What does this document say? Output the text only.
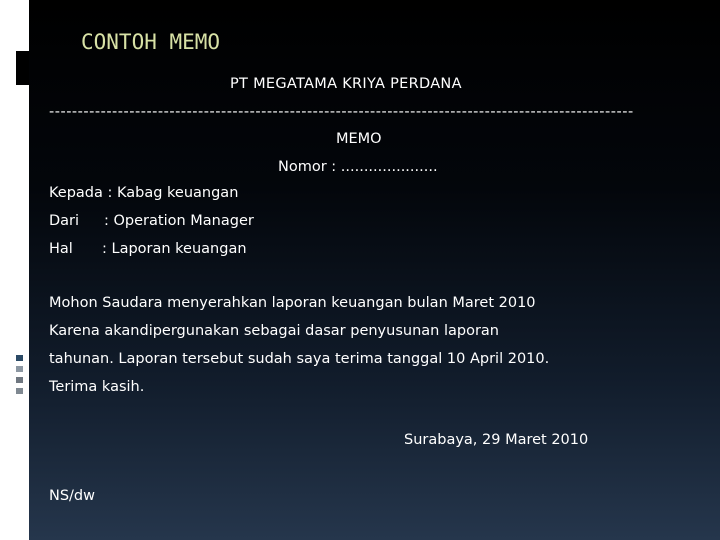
CONTOH MEMO
PT MEGATAMA KRIYA PERDANA
------------------------------------------------------------------------------------------------------
MEMO
Nomor : .....................
Kepada : Kabag keuangan
Dari : Operation Manager
Hal : Laporan keuangan
Mohon Saudara menyerahkan laporan keuangan bulan Maret 2010
Karena akandipergunakan sebagai dasar penyusunan laporan
tahunan. Laporan tersebut sudah saya terima tanggal 10 April 2010.
Terima kasih.
Surabaya, 29 Maret 2010
NS/dw
